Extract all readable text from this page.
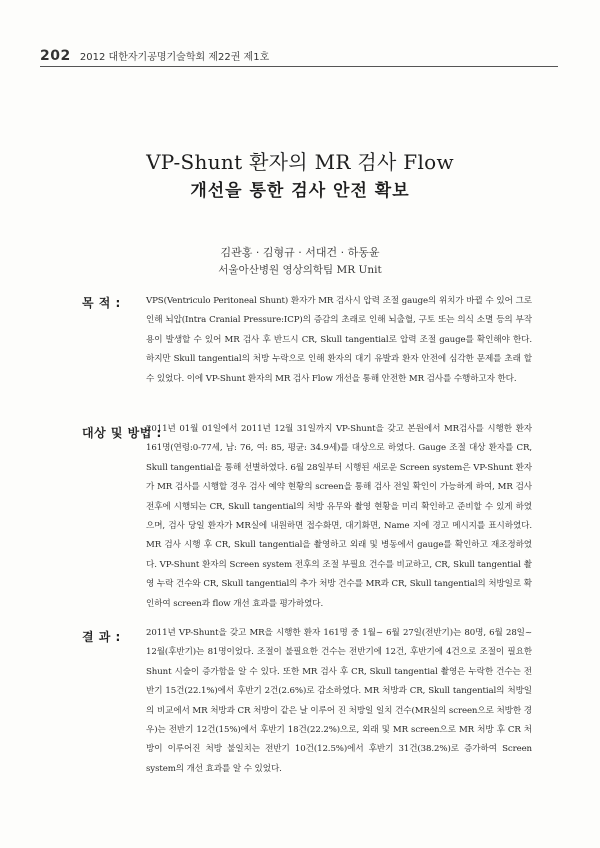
202 2012 대한자기공명기술학회 제22권 제1호
VP-Shunt 환자의 MR 검사 Flow
개선을 통한 검사 안전 확보
김관홍 · 김형규 · 서대건 · 하동윤
서울아산병원 영상의학팀 MR Unit
목 적 :	VPS(Ventriculo Peritoneal Shunt) 환자가 MR 검사시 압력 조절 gauge의 위치가 바뀔 수 있어 그로 인해 뇌압(Intra Cranial Pressure:ICP)의 증감의 초래로 인해 뇌출혈, 구토 또는 의식 소멸 등의 부작용이 발생할 수 있어 MR 검사 후 반드시 CR, Skull tangential로 압력 조절 gauge를 확인해야 한다. 하지만 Skull tangential의 처방 누락으로 인해 환자의 대기 유발과 환자 안전에 심각한 문제를 초래 할 수 있었다. 이에 VP-Shunt 환자의 MR 검사 Flow 개선을 통해 안전한 MR 검사를 수행하고자 한다.
대상 및 방법 :
2011년 01월 01일에서 2011년 12월 31일까지 VP-Shunt을 갖고 본원에서 MR검사를 시행한 환자 161명(연령:0-77세, 남: 76, 여: 85, 평균: 34.9세)를 대상으로 하였다. Gauge 조절 대상 환자를 CR, Skull tangential을 통해 선별하였다. 6월 28일부터 시행된 새로운 Screen system은 VP-Shunt 환자가 MR 검사를 시행할 경우 검사 예약 현황의 screen을 통해 검사 전일 확인이 가능하게 하여, MR 검사 전후에 시행되는 CR, Skull tangential의 처방 유무와 촬영 현황을 미리 확인하고 준비할 수 있게 하였으며, 검사 당일 환자가 MR실에 내원하면 접수화면, 대기화면, Name 지에 경고 메시지를 표시하였다. MR 검사 시행 후 CR, Skull tangential을 촬영하고 외래 및 병동에서 gauge를 확인하고 재조정하였다. VP-Shunt 환자의 Screen system 전후의 조절 부필요 건수를 비교하고, CR, Skull tangential 촬영 누락 건수와 CR, Skull tangential의 추가 처방 건수를 MR과 CR, Skull tangential의 처방일로 확인하여 screen과 flow 개선 효과를 평가하였다.
결 과 :	2011년 VP-Shunt을 갖고 MR을 시행한 환자 161명 중 1월~ 6월 27일(전반기)는 80명, 6월 28일~ 12월(후반기)는 81명이었다. 조절이 불필요한 건수는 전반기에 12건, 후반기에 4건으로 조절이 필요한 Shunt 시술이 증가함을 알 수 있다. 또한 MR 검사 후 CR, Skull tangential 촬영은 누락한 건수는 전반기 15건(22.1%)에서 후반기 2건(2.6%)로 감소하였다. MR 처방과 CR, Skull tangential의 처방일의 비교에서 MR 처방과 CR 처방이 같은 날 이루어 진 처방일 일치 건수(MR실의 screen으로 처방한 경우)는 전반기 12건(15%)에서 후반기 18건(22.2%)으로, 외래 및 MR screen으로 MR 처방 후 CR 처방이 이루어진 처방 불일치는 전반기 10건(12.5%)에서 후반기 31건(38.2%)로 증가하여 Screen system의 개선 효과를 알 수 있었다.
